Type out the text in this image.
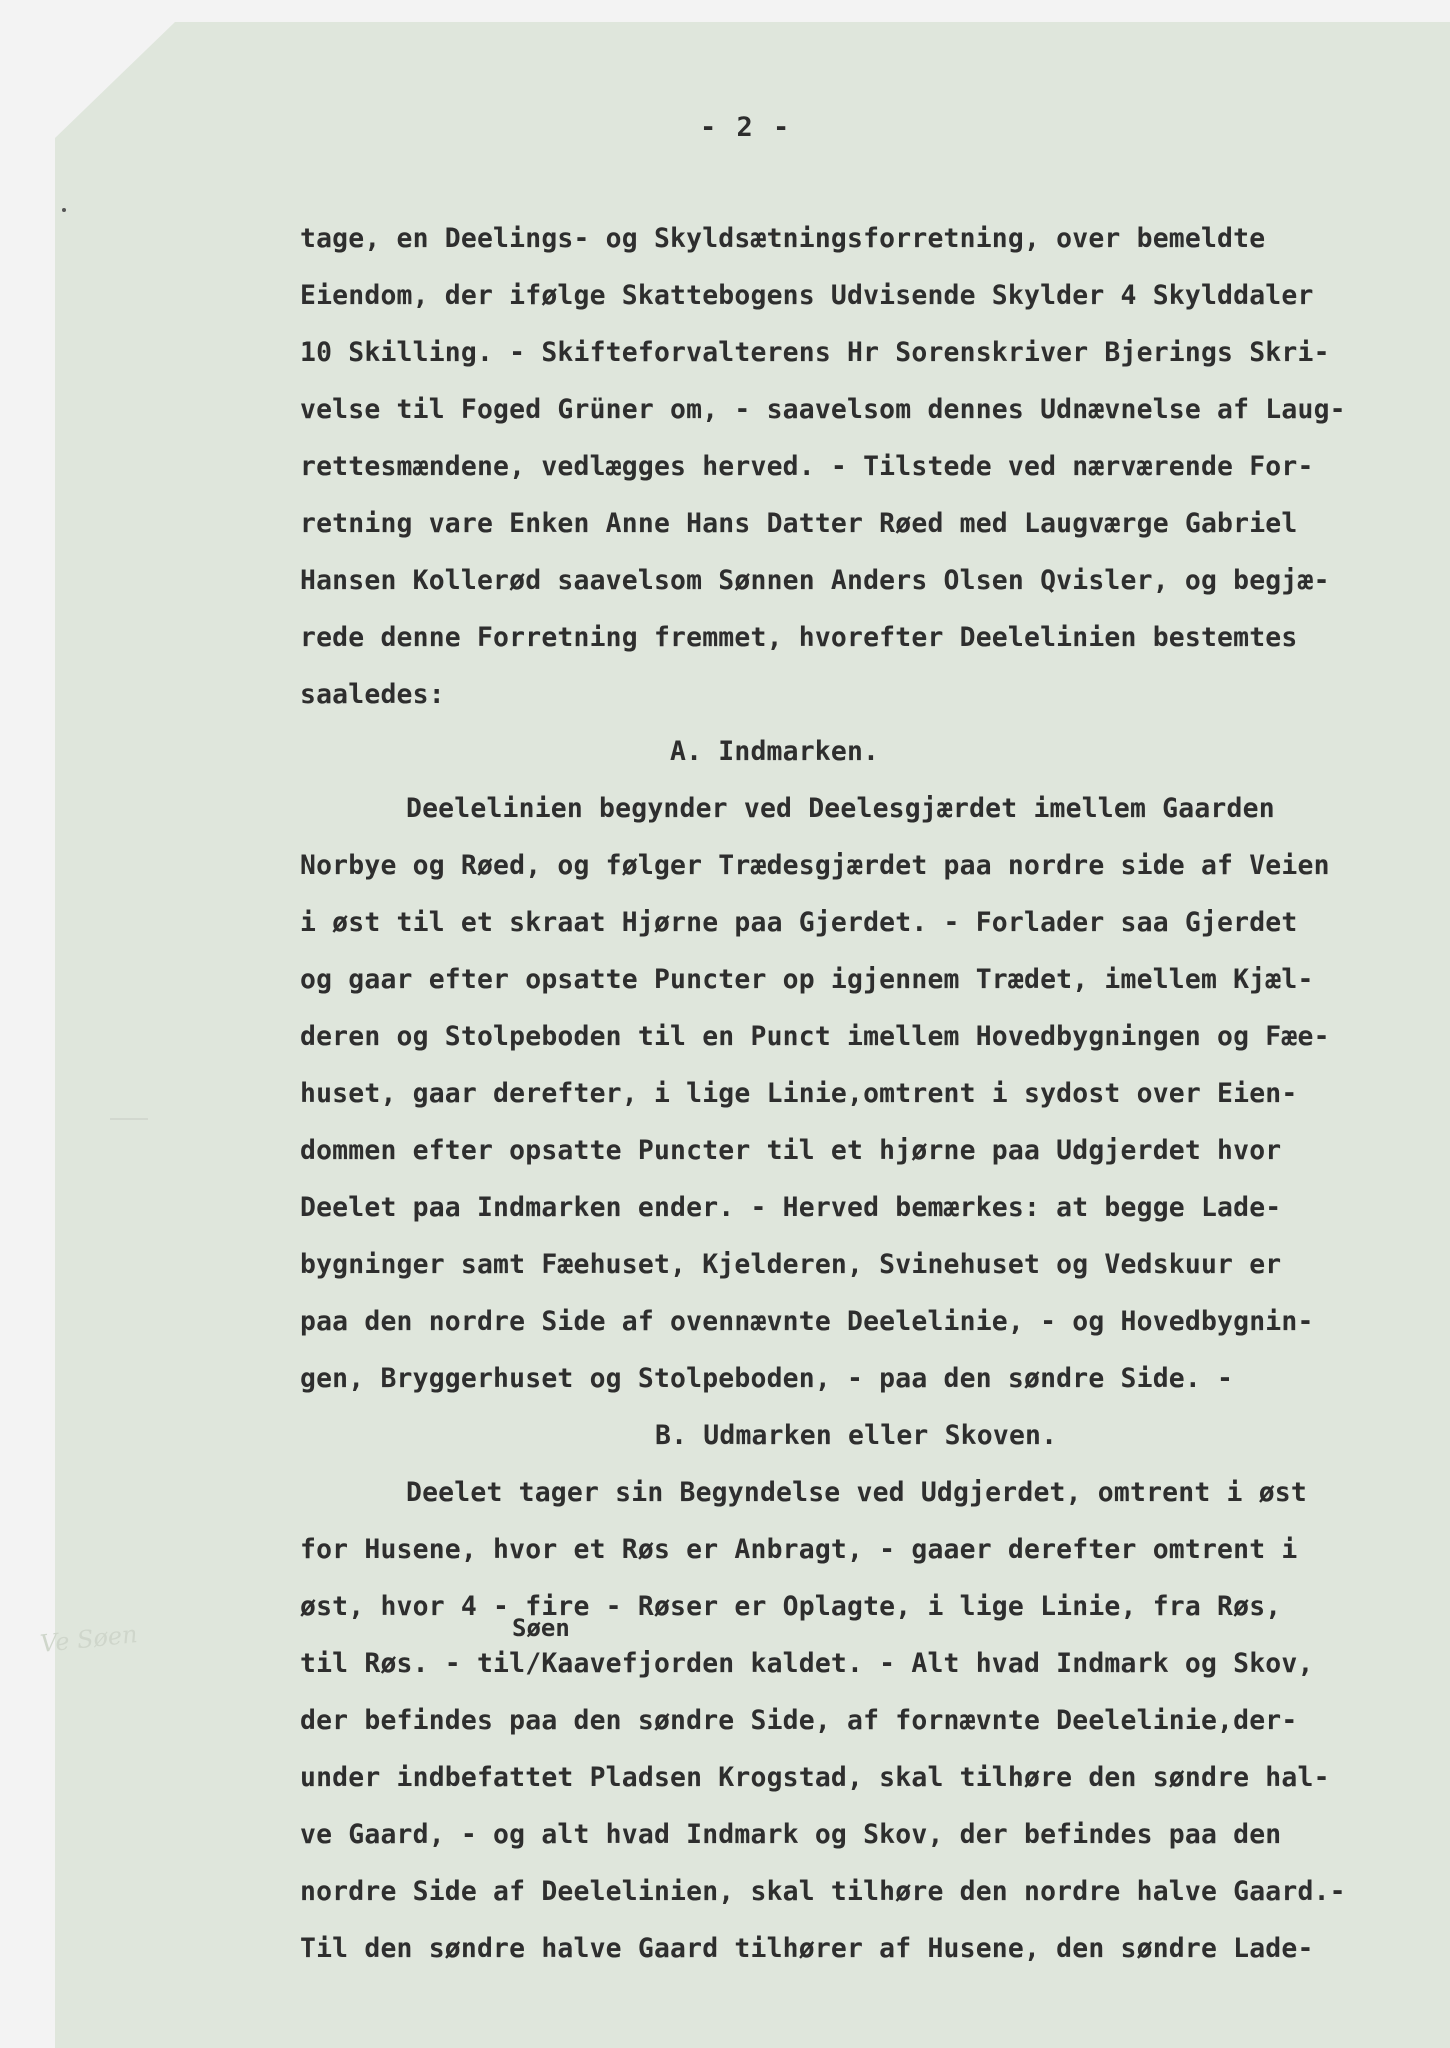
- 2 -

tage, en Deelings- og Skyldsætningsforretning, over bemeldte
Eiendom, der ifølge Skattebogens Udvisende Skylder 4 Skylddaler
10 Skilling. - Skifteforvalterens Hr Sorenskriver Bjerings Skri-
velse til Foged Grüner om, - saavelsom dennes Udnævnelse af Laug-
rettesmændene, vedlægges herved. - Tilstede ved nærværende For-
retning vare Enken Anne Hans Datter Røed med Laugværge Gabriel
Hansen Kollerød saavelsom Sønnen Anders Olsen Qvisler, og begjæ-
rede denne Forretning fremmet, hvorefter Deelelinien bestemtes
saaledes:
A. Indmarken.
Deelelinien begynder ved Deelesgjærdet imellem Gaarden
Norbye og Røed, og følger Trædesgjærdet paa nordre side af Veien
i øst til et skraat Hjørne paa Gjerdet. - Forlader saa Gjerdet
og gaar efter opsatte Puncter op igjennem Trædet, imellem Kjæl-
deren og Stolpeboden til en Punct imellem Hovedbygningen og Fæe-
huset, gaar derefter, i lige Linie,omtrent i sydost over Eien-
dommen efter opsatte Puncter til et hjørne paa Udgjerdet hvor
Deelet paa Indmarken ender. - Herved bemærkes: at begge Lade-
bygninger samt Fæehuset, Kjelderen, Svinehuset og Vedskuur er
paa den nordre Side af ovennævnte Deelelinie, - og Hovedbygnin-
gen, Bryggerhuset og Stolpeboden, - paa den søndre Side. -
B. Udmarken eller Skoven.
Deelet tager sin Begyndelse ved Udgjerdet, omtrent i øst
for Husene, hvor et Røs er Anbragt, - gaaer derefter omtrent i
øst, hvor 4 - fire - Røser er Oplagte, i lige Linie, fra Røs,
til Røs. - til/Kaavefjorden kaldet. - Alt hvad Indmark og Skov,
der befindes paa den søndre Side, af fornævnte Deelelinie,der-
under indbefattet Pladsen Krogstad, skal tilhøre den søndre hal-
ve Gaard, - og alt hvad Indmark og Skov, der befindes paa den
nordre Side af Deelelinien, skal tilhøre den nordre halve Gaard.-
Til den søndre halve Gaard tilhører af Husene, den søndre Lade-
Søen
Ve Søen
